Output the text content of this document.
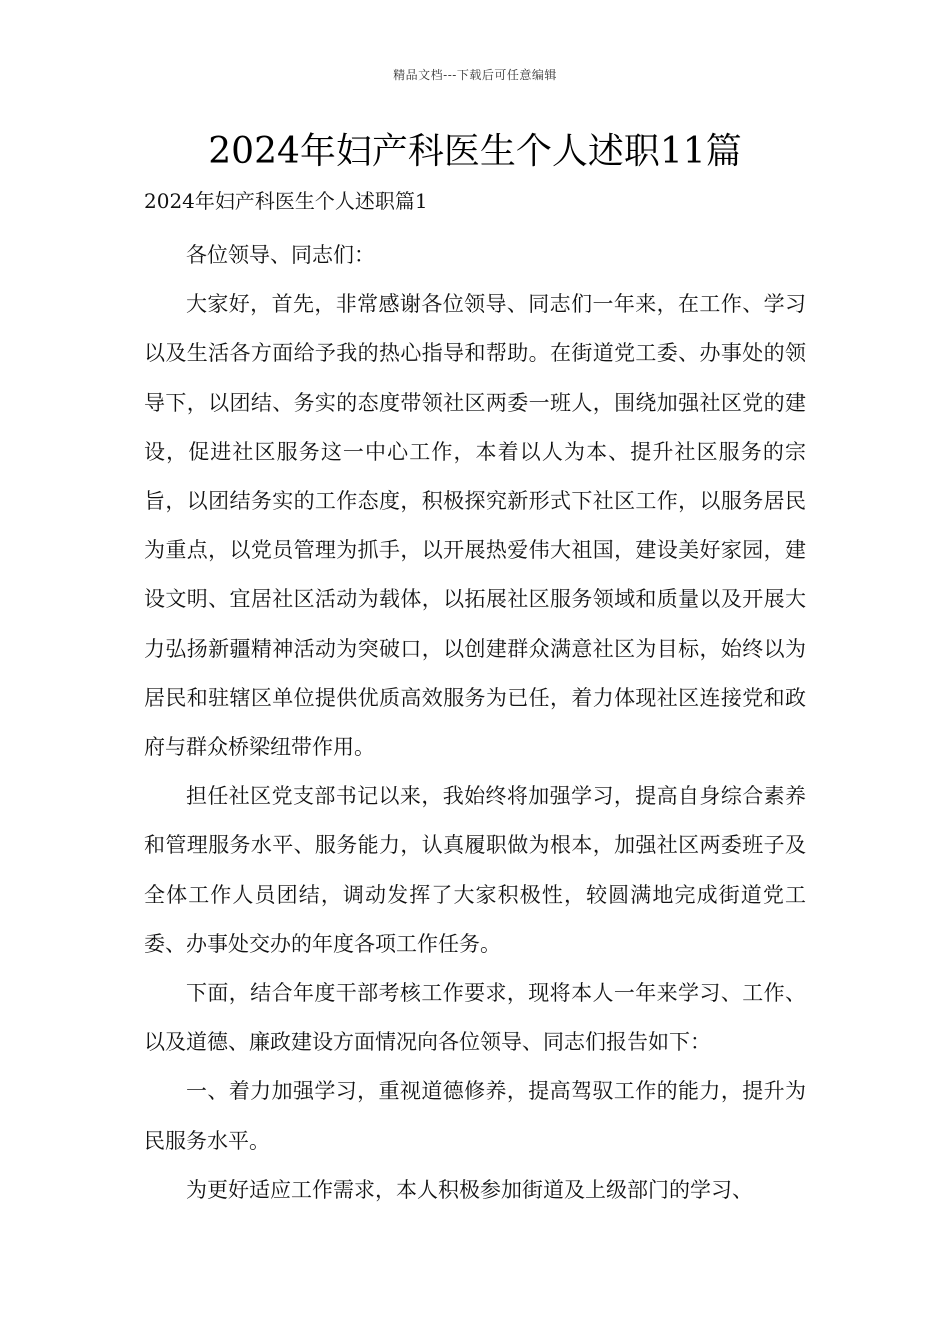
精品文档---下载后可任意编辑
2024年妇产科医生个人述职11篇
2024年妇产科医生个人述职篇1

各位领导、同志们：

大家好，首先，非常感谢各位领导、同志们一年来，在工作、学习以及生活各方面给予我的热心指导和帮助。在街道党工委、办事处的领导下，以团结、务实的态度带领社区两委一班人，围绕加强社区党的建设，促进社区服务这一中心工作，本着以人为本、提升社区服务的宗旨，以团结务实的工作态度，积极探究新形式下社区工作，以服务居民为重点，以党员管理为抓手，以开展热爱伟大祖国，建设美好家园，建设文明、宜居社区活动为载体，以拓展社区服务领域和质量以及开展大力弘扬新疆精神活动为突破口，以创建群众满意社区为目标，始终以为居民和驻辖区单位提供优质高效服务为已任，着力体现社区连接党和政府与群众桥梁纽带作用。

担任社区党支部书记以来，我始终将加强学习，提高自身综合素养和管理服务水平、服务能力，认真履职做为根本，加强社区两委班子及全体工作人员团结，调动发挥了大家积极性，较圆满地完成街道党工委、办事处交办的年度各项工作任务。

下面，结合年度干部考核工作要求，现将本人一年来学习、工作、以及道德、廉政建设方面情况向各位领导、同志们报告如下：

一、着力加强学习，重视道德修养，提高驾驭工作的能力，提升为民服务水平。

为更好适应工作需求，本人积极参加街道及上级部门的学习、
